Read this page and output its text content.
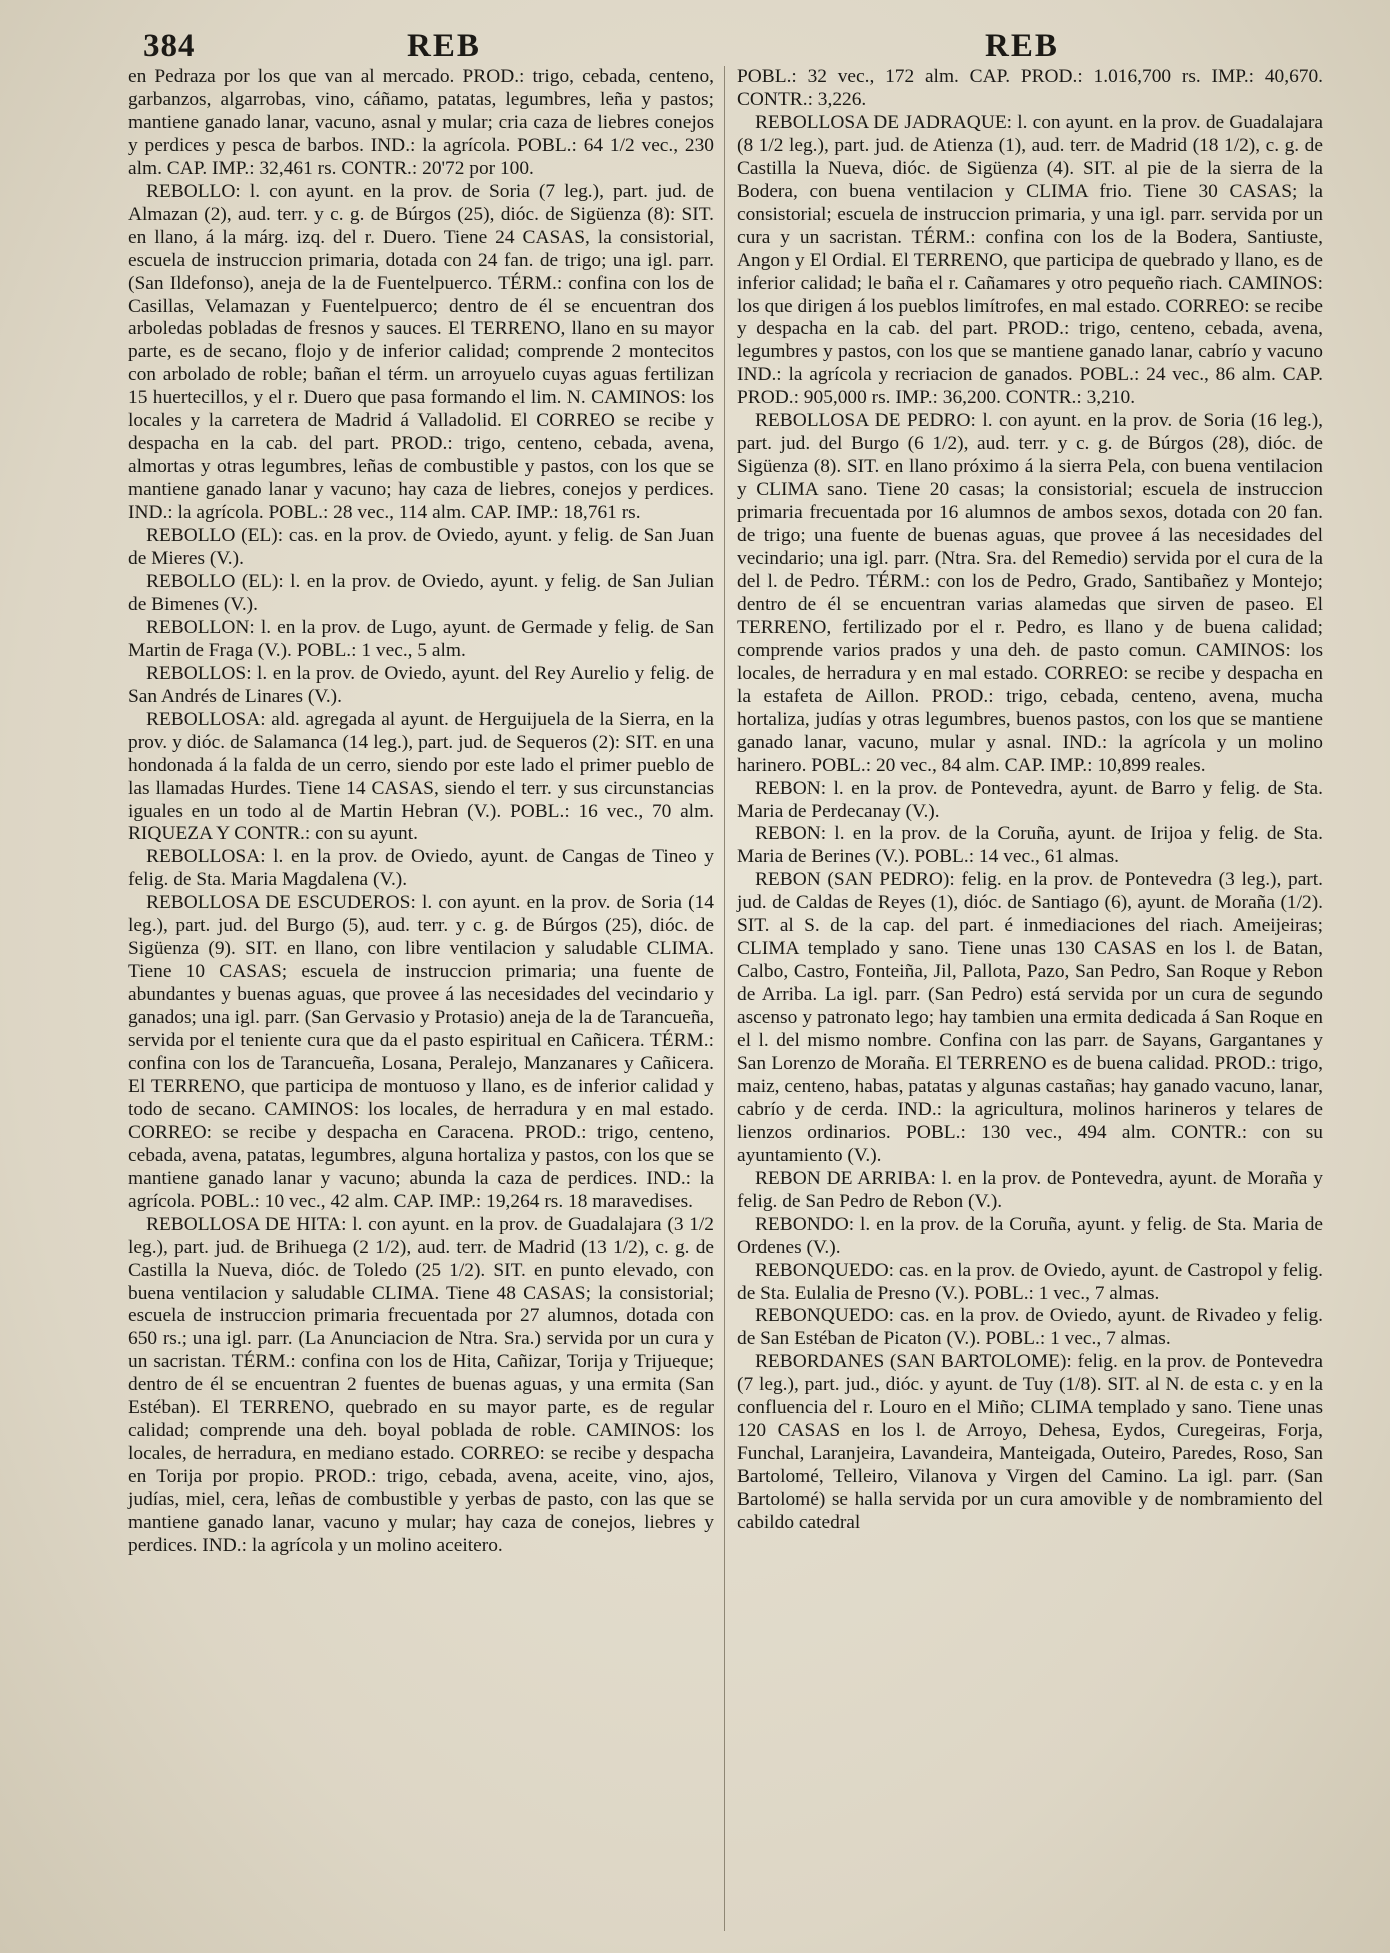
384	REB	REB

en Pedraza por los que van al mercado. PROD.: trigo, cebada, centeno, garbanzos, algarrobas, vino, cáñamo, patatas, legumbres, leña y pastos; mantiene ganado lanar, vacuno, asnal y mular; cria caza de liebres conejos y perdices y pesca de barbos. IND.: la agrícola. POBL.: 64 1/2 vec., 230 alm. CAP. IMP.: 32,461 rs. CONTR.: 20'72 por 100.

REBOLLO: l. con ayunt. en la prov. de Soria (7 leg.), part. jud. de Almazan (2), aud. terr. y c. g. de Búrgos (25), dióc. de Sigüenza (8): SIT. en llano, á la márg. izq. del r. Duero. Tiene 24 CASAS, la consistorial, escuela de instruccion primaria, dotada con 24 fan. de trigo; una igl. parr. (San Ildefonso), aneja de la de Fuentelpuerco. TÉRM.: confina con los de Casillas, Velamazan y Fuentelpuerco; dentro de él se encuentran dos arboledas pobladas de fresnos y sauces. El TERRENO, llano en su mayor parte, es de secano, flojo y de inferior calidad; comprende 2 montecitos con arbolado de roble; bañan el térm. un arroyuelo cuyas aguas fertilizan 15 huertecillos, y el r. Duero que pasa formando el lim. N. CAMINOS: los locales y la carretera de Madrid á Valladolid. El CORREO se recibe y despacha en la cab. del part. PROD.: trigo, centeno, cebada, avena, almortas y otras legumbres, leñas de combustible y pastos, con los que se mantiene ganado lanar y vacuno; hay caza de liebres, conejos y perdices. IND.: la agrícola. POBL.: 28 vec., 114 alm. CAP. IMP.: 18,761 rs.

REBOLLO (EL): cas. en la prov. de Oviedo, ayunt. y felig. de San Juan de Mieres (V.).

REBOLLO (EL): l. en la prov. de Oviedo, ayunt. y felig. de San Julian de Bimenes (V.).

REBOLLON: l. en la prov. de Lugo, ayunt. de Germade y felig. de San Martin de Fraga (V.). POBL.: 1 vec., 5 alm.

REBOLLOS: l. en la prov. de Oviedo, ayunt. del Rey Aurelio y felig. de San Andrés de Linares (V.).

REBOLLOSA: ald. agregada al ayunt. de Herguijuela de la Sierra, en la prov. y dióc. de Salamanca (14 leg.), part. jud. de Sequeros (2): SIT. en una hondonada á la falda de un cerro, siendo por este lado el primer pueblo de las llamadas Hurdes. Tiene 14 CASAS, siendo el terr. y sus circunstancias iguales en un todo al de Martin Hebran (V.). POBL.: 16 vec., 70 alm. RIQUEZA Y CONTR.: con su ayunt.

REBOLLOSA: l. en la prov. de Oviedo, ayunt. de Cangas de Tineo y felig. de Sta. Maria Magdalena (V.).

REBOLLOSA DE ESCUDEROS: l. con ayunt. en la prov. de Soria (14 leg.), part. jud. del Burgo (5), aud. terr. y c. g. de Búrgos (25), dióc. de Sigüenza (9). SIT. en llano, con libre ventilacion y saludable CLIMA. Tiene 10 CASAS; escuela de instruccion primaria; una fuente de abundantes y buenas aguas, que provee á las necesidades del vecindario y ganados; una igl. parr. (San Gervasio y Protasio) aneja de la de Tarancueña, servida por el teniente cura que da el pasto espiritual en Cañicera. TÉRM.: confina con los de Tarancueña, Losana, Peralejo, Manzanares y Cañicera. El TERRENO, que participa de montuoso y llano, es de inferior calidad y todo de secano. CAMINOS: los locales, de herradura y en mal estado. CORREO: se recibe y despacha en Caracena. PROD.: trigo, centeno, cebada, avena, patatas, legumbres, alguna hortaliza y pastos, con los que se mantiene ganado lanar y vacuno; abunda la caza de perdices. IND.: la agrícola. POBL.: 10 vec., 42 alm. CAP. IMP.: 19,264 rs. 18 maravedises.

REBOLLOSA DE HITA: l. con ayunt. en la prov. de Guadalajara (3 1/2 leg.), part. jud. de Brihuega (2 1/2), aud. terr. de Madrid (13 1/2), c. g. de Castilla la Nueva, dióc. de Toledo (25 1/2). SIT. en punto elevado, con buena ventilacion y saludable CLIMA. Tiene 48 CASAS; la consistorial; escuela de instruccion primaria frecuentada por 27 alumnos, dotada con 650 rs.; una igl. parr. (La Anunciacion de Ntra. Sra.) servida por un cura y un sacristan. TÉRM.: confina con los de Hita, Cañizar, Torija y Trijueque; dentro de él se encuentran 2 fuentes de buenas aguas, y una ermita (San Estéban). El TERRENO, quebrado en su mayor parte, es de regular calidad; comprende una deh. boyal poblada de roble. CAMINOS: los locales, de herradura, en mediano estado. CORREO: se recibe y despacha en Torija por propio. PROD.: trigo, cebada, avena, aceite, vino, ajos, judías, miel, cera, leñas de combustible y yerbas de pasto, con las que se mantiene ganado lanar, vacuno y mular; hay caza de conejos, liebres y perdices. IND.: la agrícola y un molino aceitero.

POBL.: 32 vec., 172 alm. CAP. PROD.: 1.016,700 rs. IMP.: 40,670. CONTR.: 3,226.

REBOLLOSA DE JADRAQUE: l. con ayunt. en la prov. de Guadalajara (8 1/2 leg.), part. jud. de Atienza (1), aud. terr. de Madrid (18 1/2), c. g. de Castilla la Nueva, dióc. de Sigüenza (4). SIT. al pie de la sierra de la Bodera, con buena ventilacion y CLIMA frio. Tiene 30 CASAS; la consistorial; escuela de instruccion primaria, y una igl. parr. servida por un cura y un sacristan. TÉRM.: confina con los de la Bodera, Santiuste, Angon y El Ordial. El TERRENO, que participa de quebrado y llano, es de inferior calidad; le baña el r. Cañamares y otro pequeño riach. CAMINOS: los que dirigen á los pueblos limítrofes, en mal estado. CORREO: se recibe y despacha en la cab. del part. PROD.: trigo, centeno, cebada, avena, legumbres y pastos, con los que se mantiene ganado lanar, cabrío y vacuno IND.: la agrícola y recriacion de ganados. POBL.: 24 vec., 86 alm. CAP. PROD.: 905,000 rs. IMP.: 36,200. CONTR.: 3,210.

REBOLLOSA DE PEDRO: l. con ayunt. en la prov. de Soria (16 leg.), part. jud. del Burgo (6 1/2), aud. terr. y c. g. de Búrgos (28), dióc. de Sigüenza (8). SIT. en llano próximo á la sierra Pela, con buena ventilacion y CLIMA sano. Tiene 20 casas; la consistorial; escuela de instruccion primaria frecuentada por 16 alumnos de ambos sexos, dotada con 20 fan. de trigo; una fuente de buenas aguas, que provee á las necesidades del vecindario; una igl. parr. (Ntra. Sra. del Remedio) servida por el cura de la del l. de Pedro. TÉRM.: con los de Pedro, Grado, Santibañez y Montejo; dentro de él se encuentran varias alamedas que sirven de paseo. El TERRENO, fertilizado por el r. Pedro, es llano y de buena calidad; comprende varios prados y una deh. de pasto comun. CAMINOS: los locales, de herradura y en mal estado. CORREO: se recibe y despacha en la estafeta de Aillon. PROD.: trigo, cebada, centeno, avena, mucha hortaliza, judías y otras legumbres, buenos pastos, con los que se mantiene ganado lanar, vacuno, mular y asnal. IND.: la agrícola y un molino harinero. POBL.: 20 vec., 84 alm. CAP. IMP.: 10,899 reales.

REBON: l. en la prov. de Pontevedra, ayunt. de Barro y felig. de Sta. Maria de Perdecanay (V.).

REBON: l. en la prov. de la Coruña, ayunt. de Irijoa y felig. de Sta. Maria de Berines (V.). POBL.: 14 vec., 61 almas.

REBON (SAN PEDRO): felig. en la prov. de Pontevedra (3 leg.), part. jud. de Caldas de Reyes (1), dióc. de Santiago (6), ayunt. de Moraña (1/2). SIT. al S. de la cap. del part. é inmediaciones del riach. Ameijeiras; CLIMA templado y sano. Tiene unas 130 CASAS en los l. de Batan, Calbo, Castro, Fonteiña, Jil, Pallota, Pazo, San Pedro, San Roque y Rebon de Arriba. La igl. parr. (San Pedro) está servida por un cura de segundo ascenso y patronato lego; hay tambien una ermita dedicada á San Roque en el l. del mismo nombre. Confina con las parr. de Sayans, Gargantanes y San Lorenzo de Moraña. El TERRENO es de buena calidad. PROD.: trigo, maiz, centeno, habas, patatas y algunas castañas; hay ganado vacuno, lanar, cabrío y de cerda. IND.: la agricultura, molinos harineros y telares de lienzos ordinarios. POBL.: 130 vec., 494 alm. CONTR.: con su ayuntamiento (V.).

REBON DE ARRIBA: l. en la prov. de Pontevedra, ayunt. de Moraña y felig. de San Pedro de Rebon (V.).

REBONDO: l. en la prov. de la Coruña, ayunt. y felig. de Sta. Maria de Ordenes (V.).

REBONQUEDO: cas. en la prov. de Oviedo, ayunt. de Castropol y felig. de Sta. Eulalia de Presno (V.). POBL.: 1 vec., 7 almas.

REBONQUEDO: cas. en la prov. de Oviedo, ayunt. de Rivadeo y felig. de San Estéban de Picaton (V.). POBL.: 1 vec., 7 almas.

REBORDANES (SAN BARTOLOME): felig. en la prov. de Pontevedra (7 leg.), part. jud., dióc. y ayunt. de Tuy (1/8). SIT. al N. de esta c. y en la confluencia del r. Louro en el Miño; CLIMA templado y sano. Tiene unas 120 CASAS en los l. de Arroyo, Dehesa, Eydos, Curegeiras, Forja, Funchal, Laranjeira, Lavandeira, Manteigada, Outeiro, Paredes, Roso, San Bartolomé, Telleiro, Vilanova y Virgen del Camino. La igl. parr. (San Bartolomé) se halla servida por un cura amovible y de nombramiento del cabildo catedral
